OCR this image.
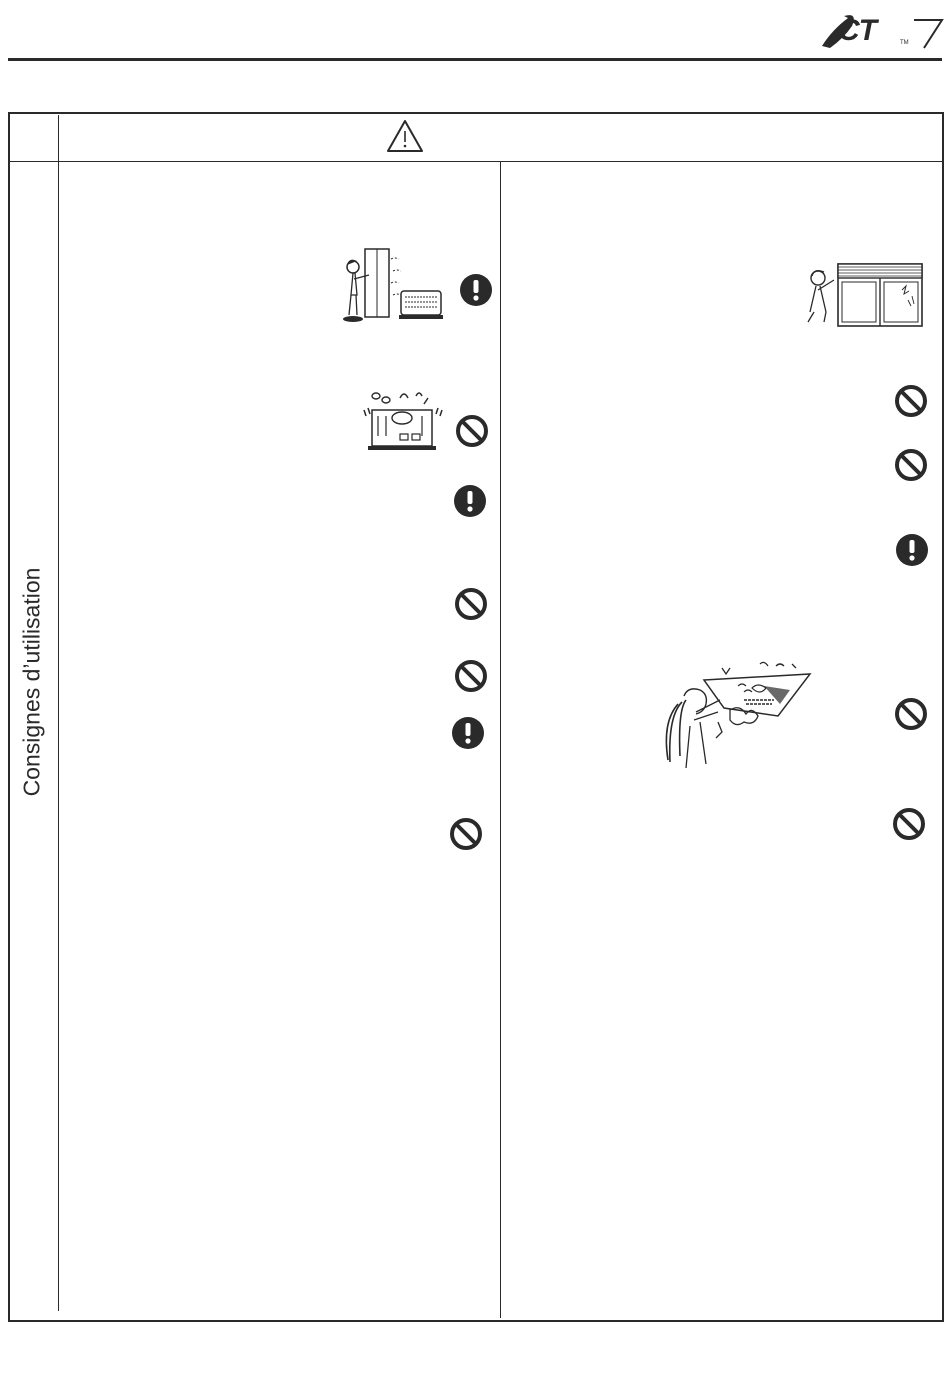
CT	TM
Consignes d’utilisation
